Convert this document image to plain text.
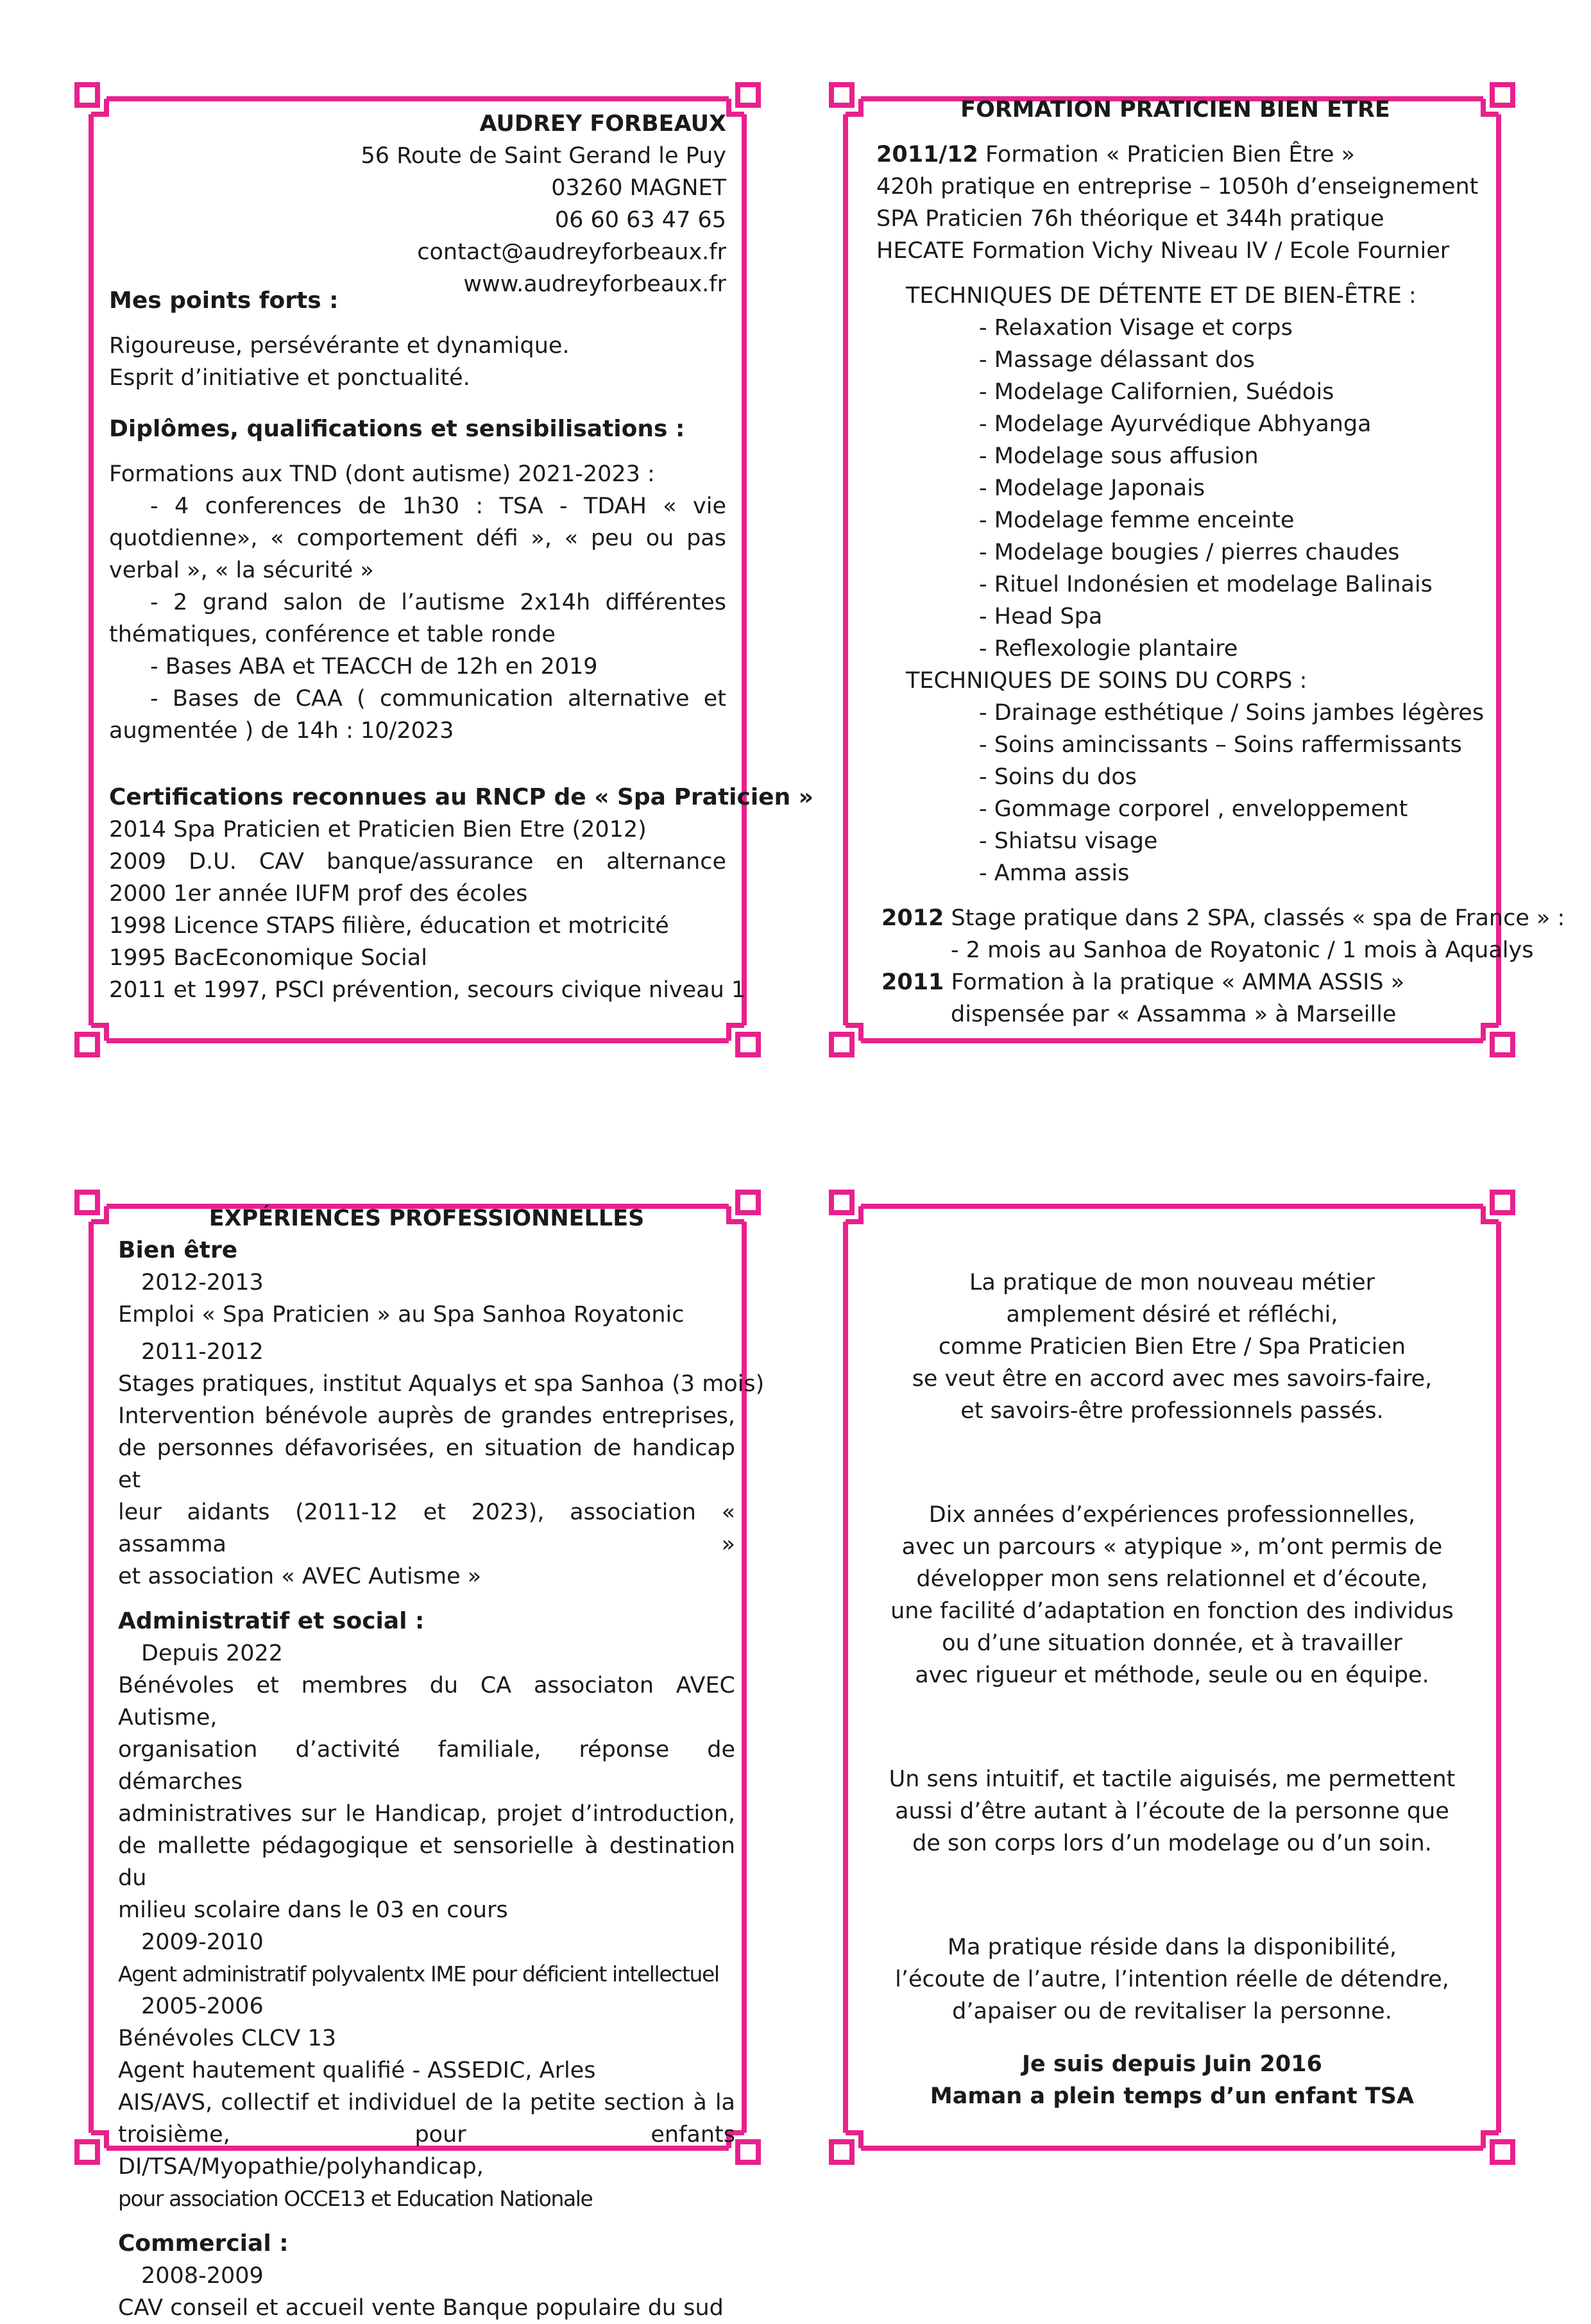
AUDREY FORBEAUX
56 Route de Saint Gerand le Puy
03260 MAGNET
06 60 63 47 65
contact@audreyforbeaux.fr
www.audreyforbeaux.fr
Mes points forts :
Rigoureuse, persévérante et dynamique.
Esprit d’initiative et ponctualité.
Diplômes, qualifications et sensibilisations :
Formations aux TND (dont autisme) 2021-2023 :
- 4 conferences de 1h30 : TSA - TDAH « vie
quotdienne», « comportement défi », « peu ou pas
verbal », « la sécurité »
- 2 grand salon de l’autisme 2x14h différentes
thématiques, conférence et table ronde
- Bases ABA et TEACCH de 12h en 2019
- Bases de CAA ( communication alternative et
augmentée ) de 14h : 10/2023
Certifications reconnues au RNCP de « Spa Praticien »
2014 Spa Praticien et Praticien Bien Etre (2012)
2009 D.U. CAV banque/assurance en alternance
2000 1er année IUFM prof des écoles
1998 Licence STAPS filière, éducation et motricité
1995 BacEconomique Social
2011 et 1997, PSCI prévention, secours civique niveau 1
FORMATION PRATICIEN BIEN ETRE
2011/12 Formation « Praticien Bien Être »
420h pratique en entreprise – 1050h d’enseignement
SPA Praticien 76h théorique et 344h pratique
HECATE Formation Vichy Niveau IV / Ecole Fournier
TECHNIQUES DE DÉTENTE ET DE BIEN-ÊTRE :
- Relaxation Visage et corps
- Massage délassant dos
- Modelage Californien, Suédois
- Modelage Ayurvédique Abhyanga
- Modelage sous affusion
- Modelage Japonais
- Modelage femme enceinte
- Modelage bougies / pierres chaudes
- Rituel Indonésien et modelage Balinais
- Head Spa
- Reflexologie plantaire
TECHNIQUES DE SOINS DU CORPS :
- Drainage esthétique / Soins jambes légères
- Soins amincissants – Soins raffermissants
- Soins du dos
- Gommage corporel , enveloppement
- Shiatsu visage
- Amma assis
2012 Stage pratique dans 2 SPA, classés « spa de France » :
- 2 mois au Sanhoa de Royatonic / 1 mois à Aqualys
2011 Formation à la pratique « AMMA ASSIS »
dispensée par « Assamma » à Marseille
EXPÉRIENCES PROFESSIONNELLES
Bien être
2012-2013
Emploi « Spa Praticien » au Spa Sanhoa Royatonic
2011-2012
Stages pratiques, institut Aqualys et spa Sanhoa (3 mois)
Intervention bénévole auprès de grandes entreprises,
de personnes défavorisées, en situation de handicap et
leur aidants (2011-12 et 2023), association « assamma »
et association « AVEC Autisme »
Administratif et social :
Depuis 2022
Bénévoles et membres du CA associaton AVEC Autisme,
organisation d’activité familiale, réponse de démarches
administratives sur le Handicap, projet d’introduction,
de mallette pédagogique et sensorielle à destination du
milieu scolaire dans le 03 en cours
2009-2010
Agent administratif polyvalentx IME pour déficient intellectuel
2005-2006
Bénévoles CLCV 13
Agent hautement qualifié - ASSEDIC, Arles
AIS/AVS, collectif et individuel de la petite section à la
troisième, pour enfants DI/TSA/Myopathie/polyhandicap,
pour association OCCE13 et Education Nationale
Commercial :
2008-2009
CAV conseil et accueil vente Banque populaire du sud
La pratique de mon nouveau métier
amplement désiré et réfléchi,
comme Praticien Bien Etre / Spa Praticien
se veut être en accord avec mes savoirs-faire,
et savoirs-être professionnels passés.
Dix années d’expériences professionnelles,
avec un parcours « atypique », m’ont permis de
développer mon sens relationnel et d’écoute,
une facilité d’adaptation en fonction des individus
ou d’une situation donnée, et à travailler
avec rigueur et méthode, seule ou en équipe.
Un sens intuitif, et tactile aiguisés, me permettent
aussi d’être autant à l’écoute de la personne que
de son corps lors d’un modelage ou d’un soin.
Ma pratique réside dans la disponibilité,
l’écoute de l’autre, l’intention réelle de détendre,
d’apaiser ou de revitaliser la personne.
Je suis depuis Juin 2016
Maman a plein temps d’un enfant TSA
